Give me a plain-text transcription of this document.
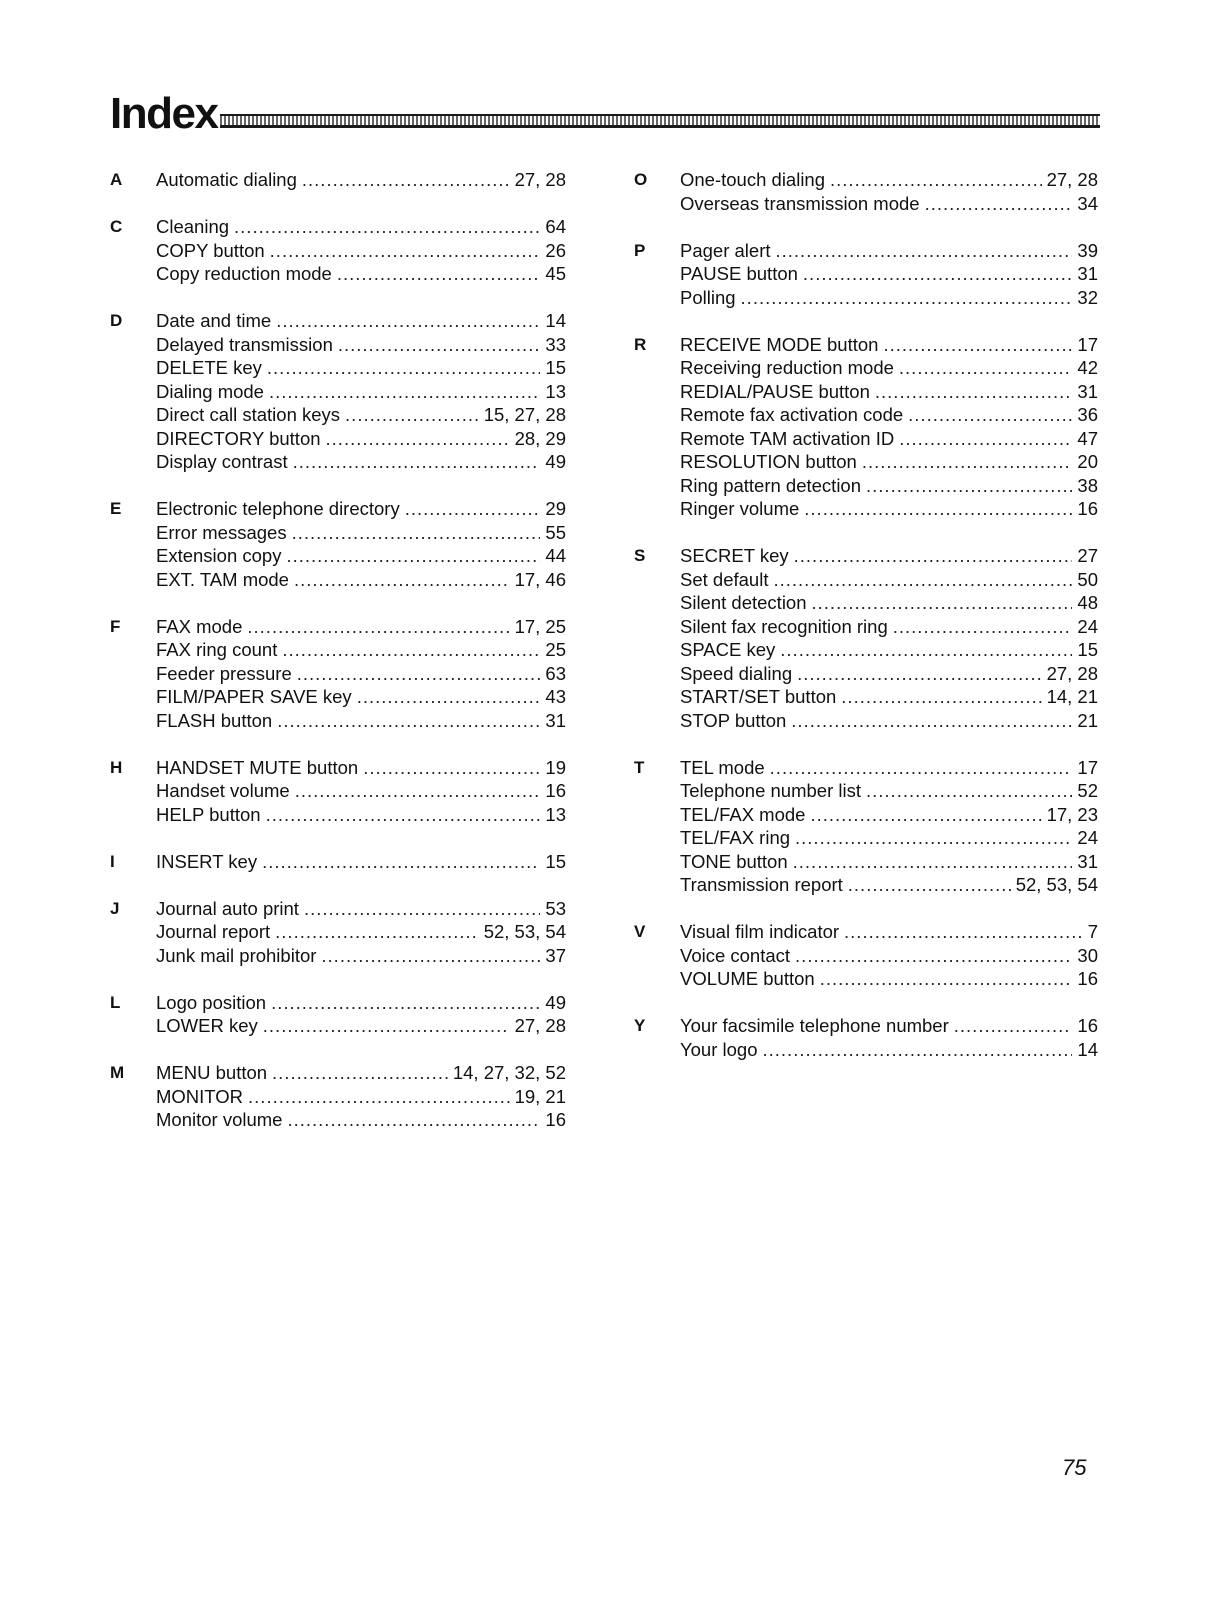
Index
A	Automatic dialing .....	27, 28
C	Cleaning .....	64
COPY button .....	26
Copy reduction mode .....	45
D	Date and time .....	14
Delayed transmission .....	33
DELETE key .....	15
Dialing mode .....	13
Direct call station keys .....	15, 27, 28
DIRECTORY button .....	28, 29
Display contrast .....	49
E	Electronic telephone directory .....	29
Error messages .....	55
Extension copy .....	44
EXT. TAM mode .....	17, 46
F	FAX mode .....	17, 25
FAX ring count .....	25
Feeder pressure .....	63
FILM/PAPER SAVE key .....	43
FLASH button .....	31
H	HANDSET MUTE button .....	19
Handset volume .....	16
HELP button .....	13
I	INSERT key .....	15
J	Journal auto print .....	53
Journal report .....	52, 53, 54
Junk mail prohibitor .....	37
L	Logo position .....	49
LOWER key .....	27, 28
M	MENU button .....	14, 27, 32, 52
MONITOR .....	19, 21
Monitor volume .....	16
O	One-touch dialing .....	27, 28
Overseas transmission mode .....	34
P	Pager alert .....	39
PAUSE button .....	31
Polling .....	32
R	RECEIVE MODE button .....	17
Receiving reduction mode .....	42
REDIAL/PAUSE button .....	31
Remote fax activation code .....	36
Remote TAM activation ID .....	47
RESOLUTION button .....	20
Ring pattern detection .....	38
Ringer volume .....	16
S	SECRET key .....	27
Set default .....	50
Silent detection .....	48
Silent fax recognition ring .....	24
SPACE key .....	15
Speed dialing .....	27, 28
START/SET button .....	14, 21
STOP button .....	21
T	TEL mode .....	17
Telephone number list .....	52
TEL/FAX mode .....	17, 23
TEL/FAX ring .....	24
TONE button .....	31
Transmission report .....	52, 53, 54
V	Visual film indicator .....	7
Voice contact .....	30
VOLUME button .....	16
Y	Your facsimile telephone number .....	16
Your logo .....	14
75
